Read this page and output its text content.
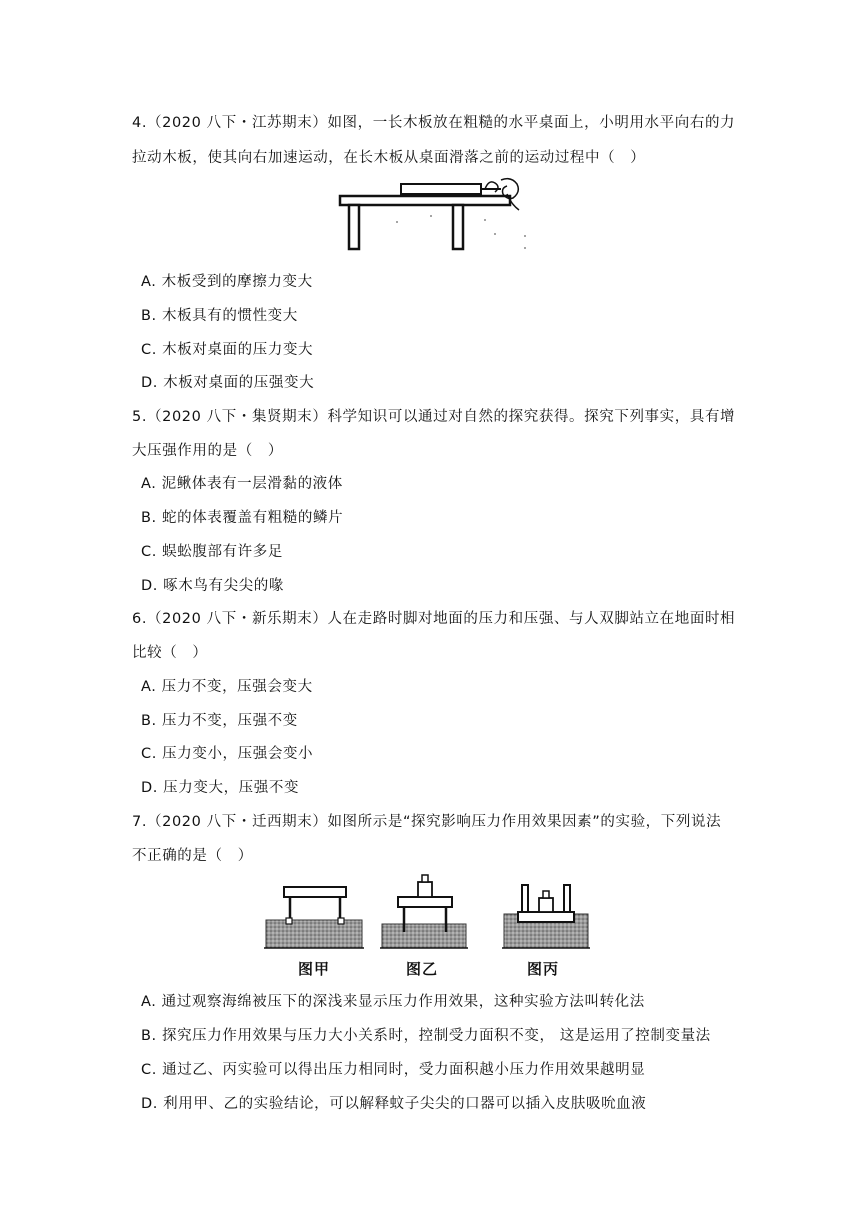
4.（2020 八下・江苏期末）如图，一长木板放在粗糙的水平桌面上，小明用水平向右的力
拉动木板，使其向右加速运动，在长木板从桌面滑落之前的运动过程中（　）
A. 木板受到的摩擦力变大
B. 木板具有的惯性变大
C. 木板对桌面的压力变大
D. 木板对桌面的压强变大
5.（2020 八下・集贤期末）科学知识可以通过对自然的探究获得。探究下列事实，具有增
大压强作用的是（　）
A. 泥鳅体表有一层滑黏的液体
B. 蛇的体表覆盖有粗糙的鳞片
C. 蜈蚣腹部有许多足
D. 啄木鸟有尖尖的喙
6.（2020 八下・新乐期末）人在走路时脚对地面的压力和压强、与人双脚站立在地面时相
比较（　）
A. 压力不变，压强会变大
B. 压力不变，压强不变
C. 压力变小，压强会变小
D. 压力变大，压强不变
7.（2020 八下・迁西期末）如图所示是“探究影响压力作用效果因素”的实验，下列说法
不正确的是（　）
图甲	图乙	图丙
A. 通过观察海绵被压下的深浅来显示压力作用效果，这种实验方法叫转化法
B. 探究压力作用效果与压力大小关系时，控制受力面积不变， 这是运用了控制变量法
C. 通过乙、丙实验可以得出压力相同时，受力面积越小压力作用效果越明显
D. 利用甲、乙的实验结论，可以解释蚊子尖尖的口器可以插入皮肤吸吮血液
